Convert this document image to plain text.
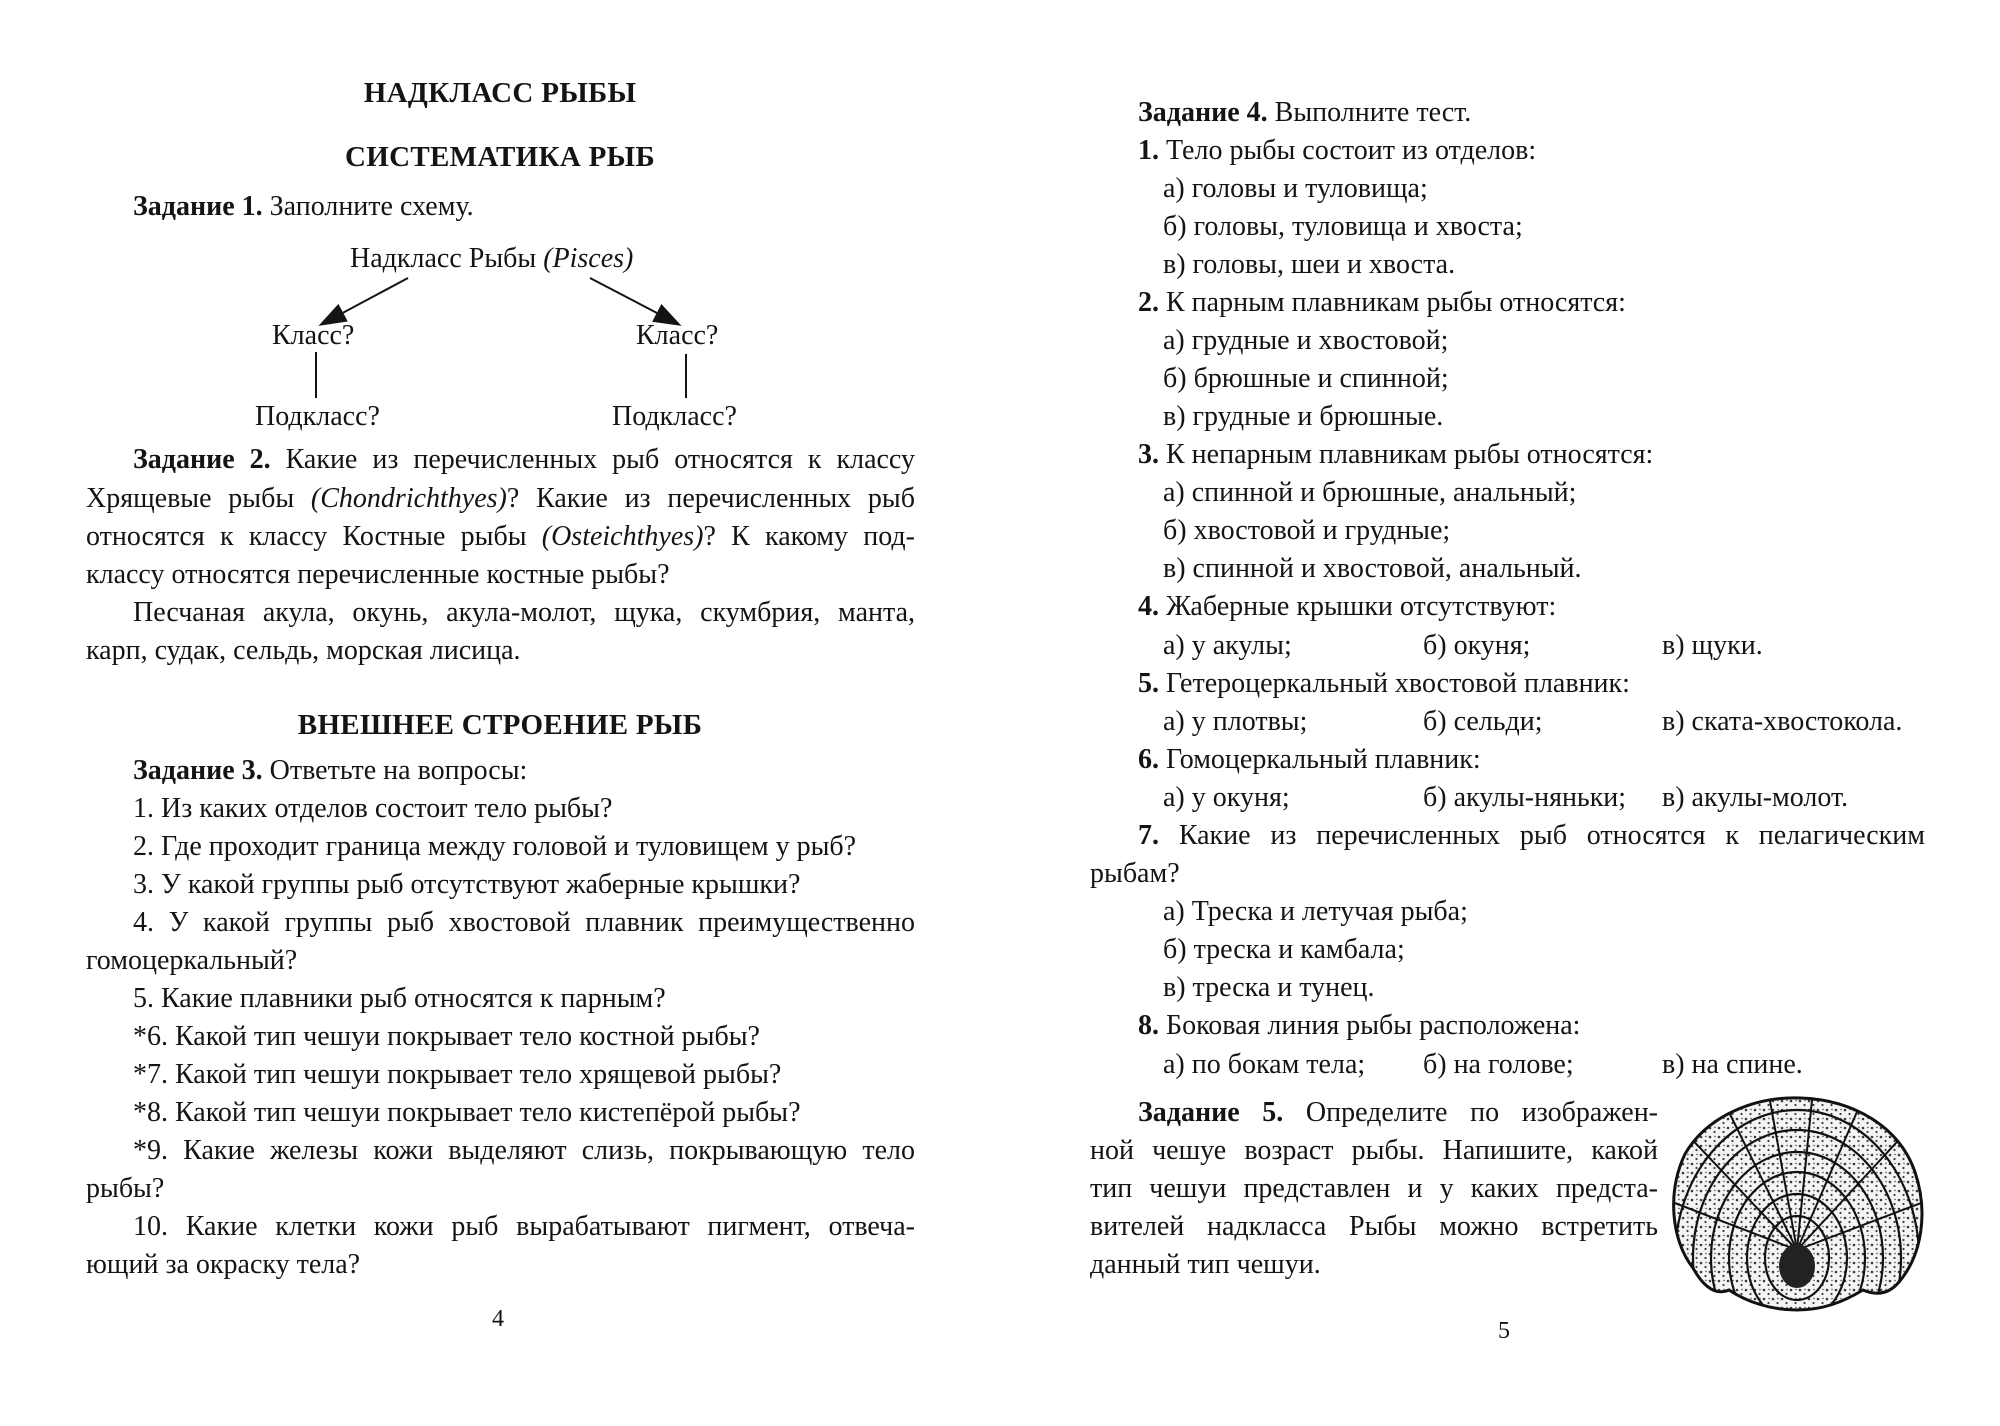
НАДКЛАСС РЫБЫ
СИСТЕМАТИКА РЫБ
Задание 1. Заполните схему.
Надкласс Рыбы (Pisces)
Класс?	Класс?
Подкласс?	Подкласс?
Задание 2. Какие из перечисленных рыб относятся к классу
Хрящевые рыбы (Chondrichthyes)? Какие из перечисленных рыб
относятся к классу Костные рыбы (Osteichthyes)? К какому под-
классу относятся перечисленные костные рыбы?
Песчаная акула, окунь, акула-молот, щука, скумбрия, манта,
карп, судак, сельдь, морская лисица.
ВНЕШНЕЕ СТРОЕНИЕ РЫБ
Задание 3. Ответьте на вопросы:
1. Из каких отделов состоит тело рыбы?
2. Где проходит граница между головой и туловищем у рыб?
3. У какой группы рыб отсутствуют жаберные крышки?
4. У какой группы рыб хвостовой плавник преимущественно
гомоцеркальный?
5. Какие плавники рыб относятся к парным?
*6. Какой тип чешуи покрывает тело костной рыбы?
*7. Какой тип чешуи покрывает тело хрящевой рыбы?
*8. Какой тип чешуи покрывает тело кистепёрой рыбы?
*9. Какие железы кожи выделяют слизь, покрывающую тело
рыбы?
10. Какие клетки кожи рыб вырабатывают пигмент, отвеча-
ющий за окраску тела?
4
Задание 4. Выполните тест.
1. Тело рыбы состоит из отделов:
а) головы и туловища;
б) головы, туловища и хвоста;
в) головы, шеи и хвоста.
2. К парным плавникам рыбы относятся:
а) грудные и хвостовой;
б) брюшные и спинной;
в) грудные и брюшные.
3. К непарным плавникам рыбы относятся:
а) спинной и брюшные, анальный;
б) хвостовой и грудные;
в) спинной и хвостовой, анальный.
4. Жаберные крышки отсутствуют:
а) у акулы;	б) окуня;	в) щуки.
5. Гетероцеркальный хвостовой плавник:
а) у плотвы;	б) сельди;	в) ската-хвостокола.
6. Гомоцеркальный плавник:
а) у окуня;	б) акулы-няньки; в) акулы-молот.
7. Какие из перечисленных рыб относятся к пелагическим
рыбам?
а) Треска и летучая рыба;
б) треска и камбала;
в) треска и тунец.
8. Боковая линия рыбы расположена:
а) по бокам тела; б) на голове;	в) на спине.
Задание 5. Определите по изображен-
ной чешуе возраст рыбы. Напишите, какой
тип чешуи представлен и у каких предста-
вителей надкласса Рыбы можно встретить
данный тип чешуи.
5
